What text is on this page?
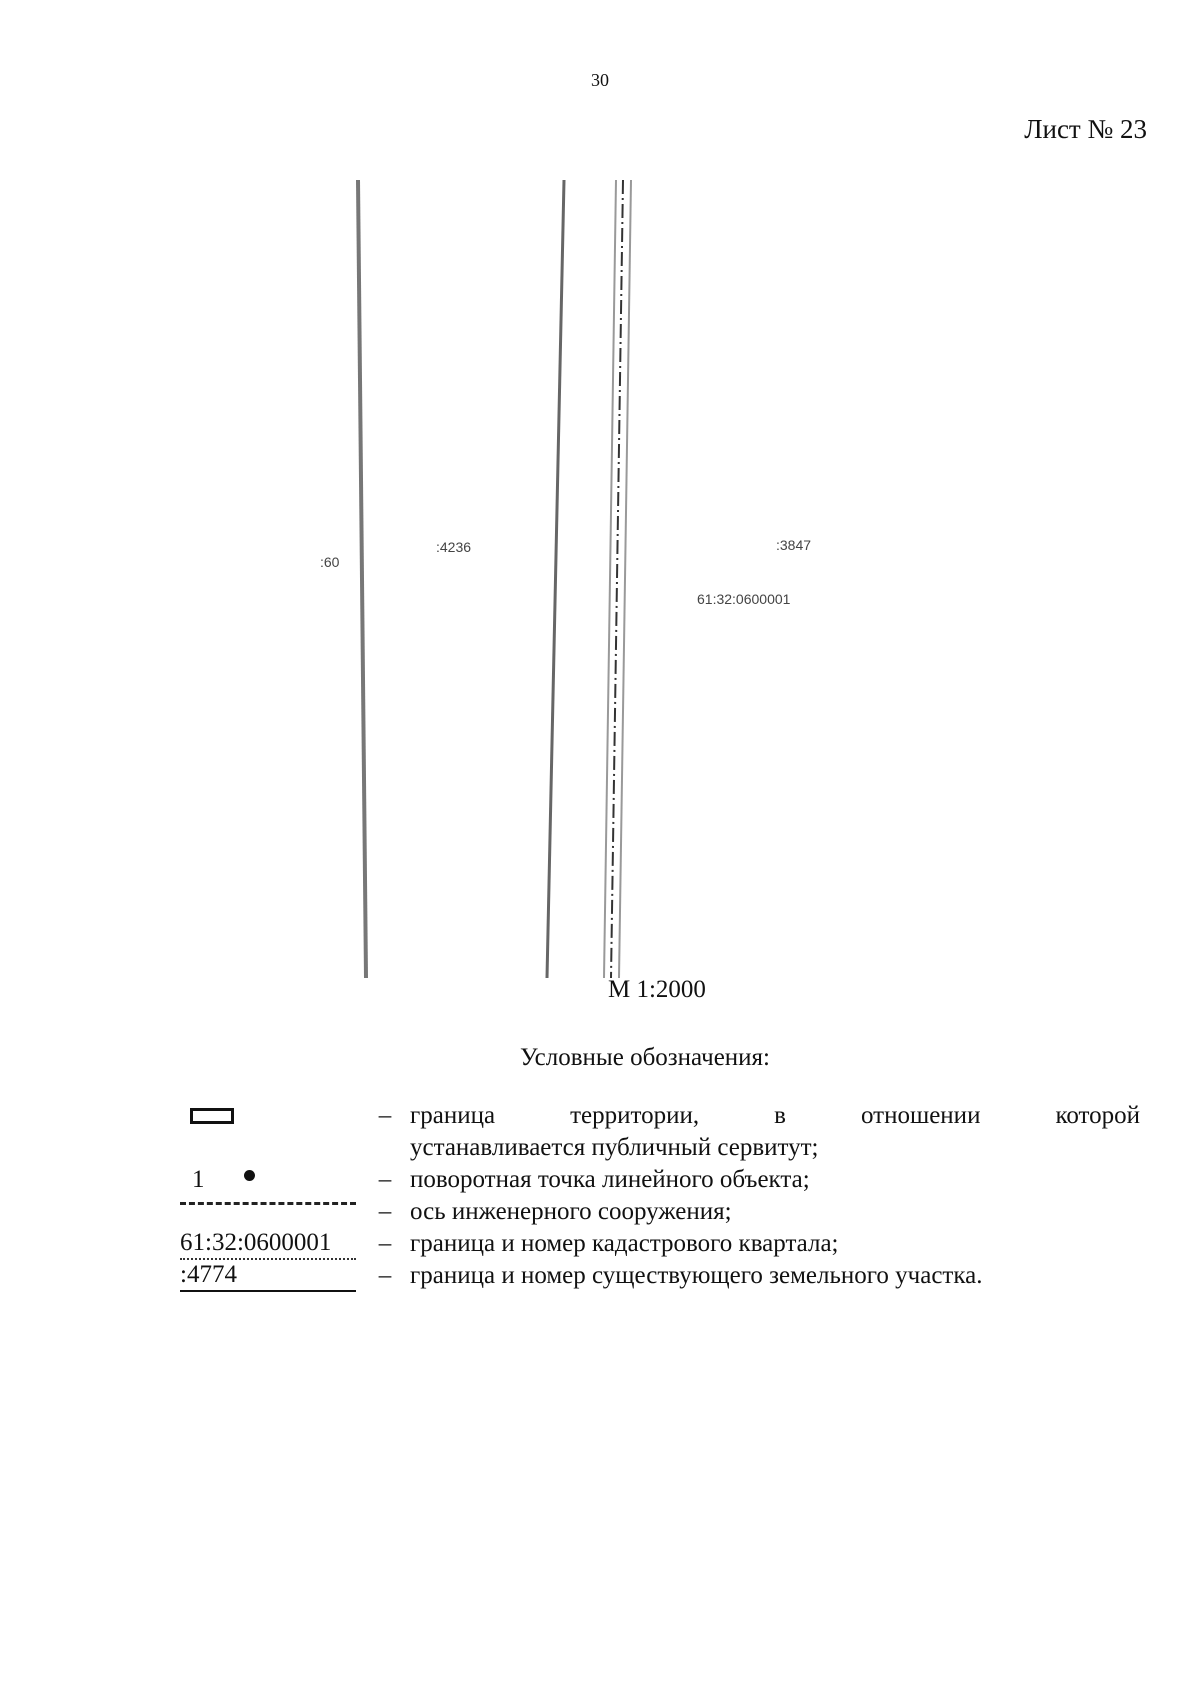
30
Лист № 23
:60
:4236	:3847
61:32:0600001
М 1:2000
Условные обозначения:
– граница территории, в отношении которой
устанавливается публичный сервитут;
1	– поворотная точка линейного объекта;
– ось инженерного сооружения;
61:32:0600001	– граница и номер кадастрового квартала;
:4774	– граница и номер существующего земельного участка.
